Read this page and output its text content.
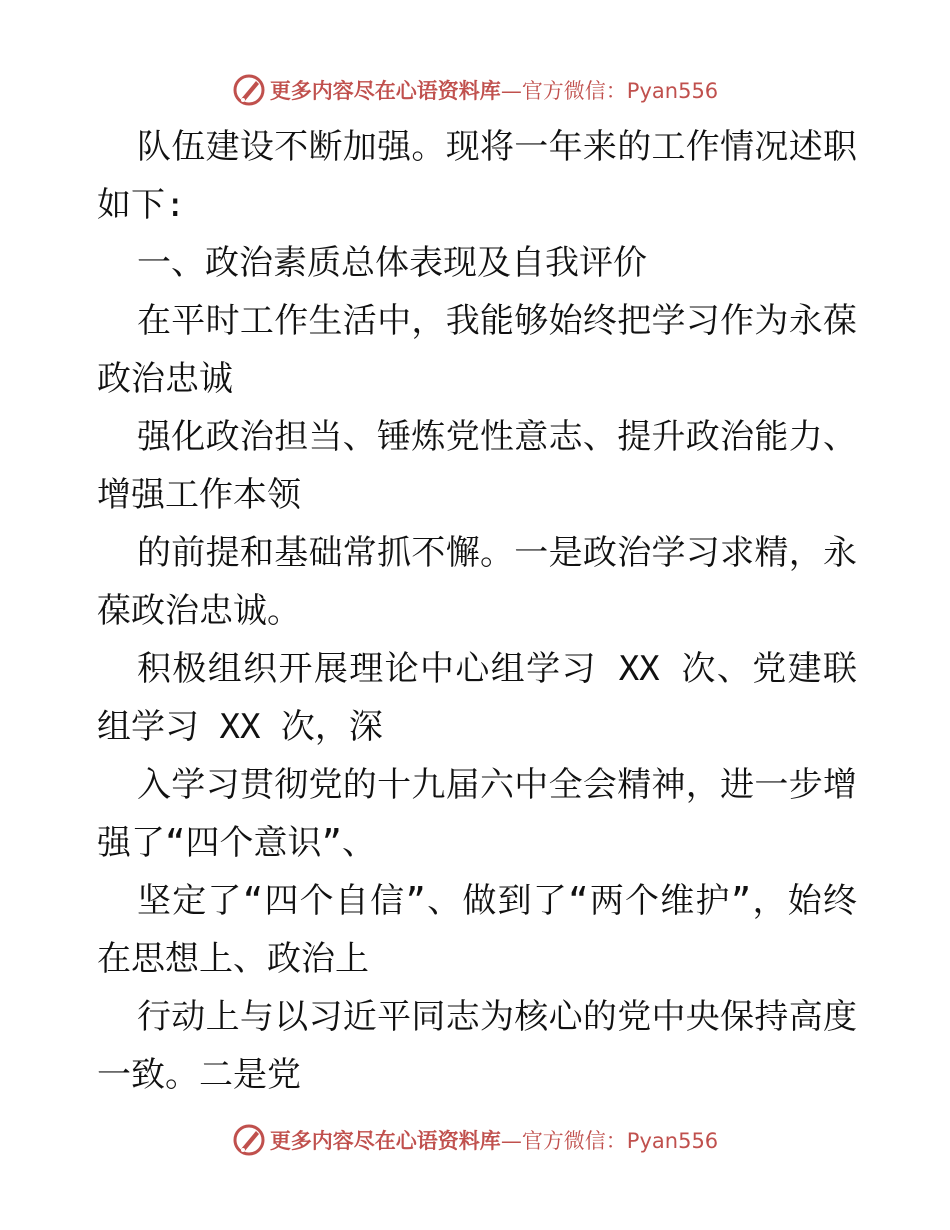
更多内容尽在心语资料库 —官方微信：Pyan556

队伍建设不断加强。现将一年来的工作情况述职如下:

一、政治素质总体表现及自我评价

在平时工作生活中，我能够始终把学习作为永葆政治忠诚

强化政治担当、锤炼党性意志、提升政治能力、增强工作本领

的前提和基础常抓不懈。一是政治学习求精，永葆政治忠诚。

积极组织开展理论中心组学习 XX 次、党建联组学习 XX 次，深

入学习贯彻党的十九届六中全会精神，进一步增强了“四个意识”、

坚定了“四个自信”、做到了“两个维护”，始终在思想上、政治上

行动上与以习近平同志为核心的党中央保持高度一致。二是党

更多内容尽在心语资料库 —官方微信：Pyan556
